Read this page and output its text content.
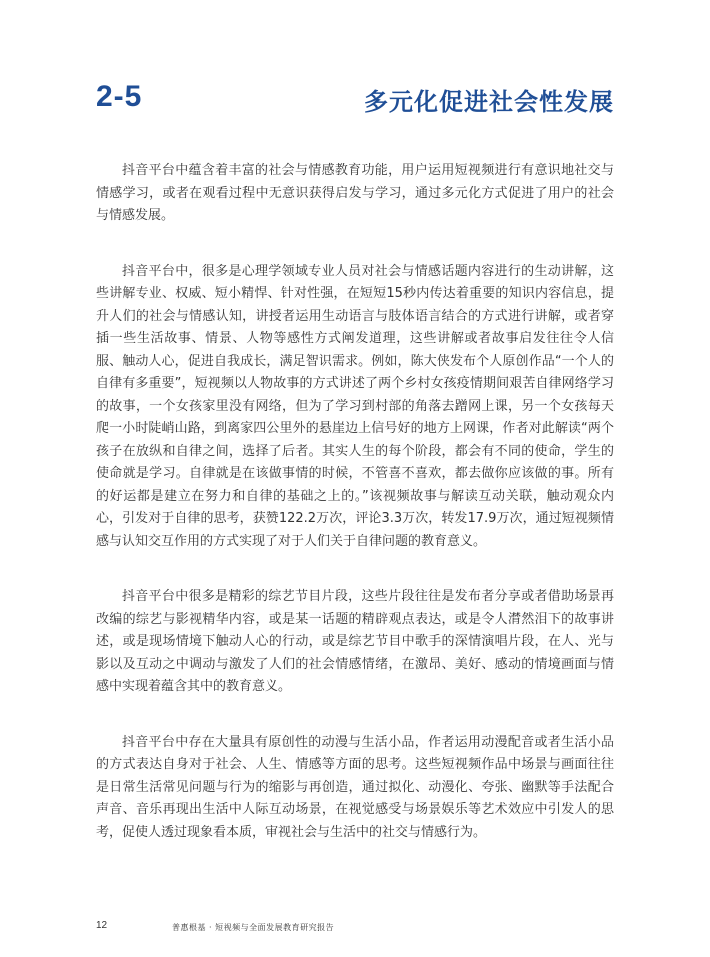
2-5	多元化促进社会性发展

抖音平台中蕴含着丰富的社会与情感教育功能，用户运用短视频进行有意识地社交与情感学习，或者在观看过程中无意识获得启发与学习，通过多元化方式促进了用户的社会与情感发展。

抖音平台中，很多是心理学领域专业人员对社会与情感话题内容进行的生动讲解，这些讲解专业、权威、短小精悍、针对性强，在短短15秒内传达着重要的知识内容信息，提升人们的社会与情感认知，讲授者运用生动语言与肢体语言结合的方式进行讲解，或者穿插一些生活故事、情景、人物等感性方式阐发道理，这些讲解或者故事启发往往令人信服、触动人心，促进自我成长，满足智识需求。例如，陈大侠发布个人原创作品“一个人的自律有多重要”，短视频以人物故事的方式讲述了两个乡村女孩疫情期间艰苦自律网络学习的故事，一个女孩家里没有网络，但为了学习到村部的角落去蹭网上课，另一个女孩每天爬一小时陡峭山路，到离家四公里外的悬崖边上信号好的地方上网课，作者对此解读“两个孩子在放纵和自律之间，选择了后者。其实人生的每个阶段，都会有不同的使命，学生的使命就是学习。自律就是在该做事情的时候，不管喜不喜欢，都去做你应该做的事。所有的好运都是建立在努力和自律的基础之上的。”该视频故事与解读互动关联，触动观众内心，引发对于自律的思考，获赞122.2万次，评论3.3万次，转发17.9万次，通过短视频情感与认知交互作用的方式实现了对于人们关于自律问题的教育意义。

抖音平台中很多是精彩的综艺节目片段，这些片段往往是发布者分享或者借助场景再改编的综艺与影视精华内容，或是某一话题的精辟观点表达，或是令人潸然泪下的故事讲述，或是现场情境下触动人心的行动，或是综艺节目中歌手的深情演唱片段，在人、光与影以及互动之中调动与激发了人们的社会情感情绪，在激昂、美好、感动的情境画面与情感中实现着蕴含其中的教育意义。

抖音平台中存在大量具有原创性的动漫与生活小品，作者运用动漫配音或者生活小品的方式表达自身对于社会、人生、情感等方面的思考。这些短视频作品中场景与画面往往是日常生活常见问题与行为的缩影与再创造，通过拟化、动漫化、夸张、幽默等手法配合声音、音乐再现出生活中人际互动场景，在视觉感受与场景娱乐等艺术效应中引发人的思考，促使人透过现象看本质，审视社会与生活中的社交与情感行为。

12	普惠根基 · 短视频与全面发展教育研究报告
